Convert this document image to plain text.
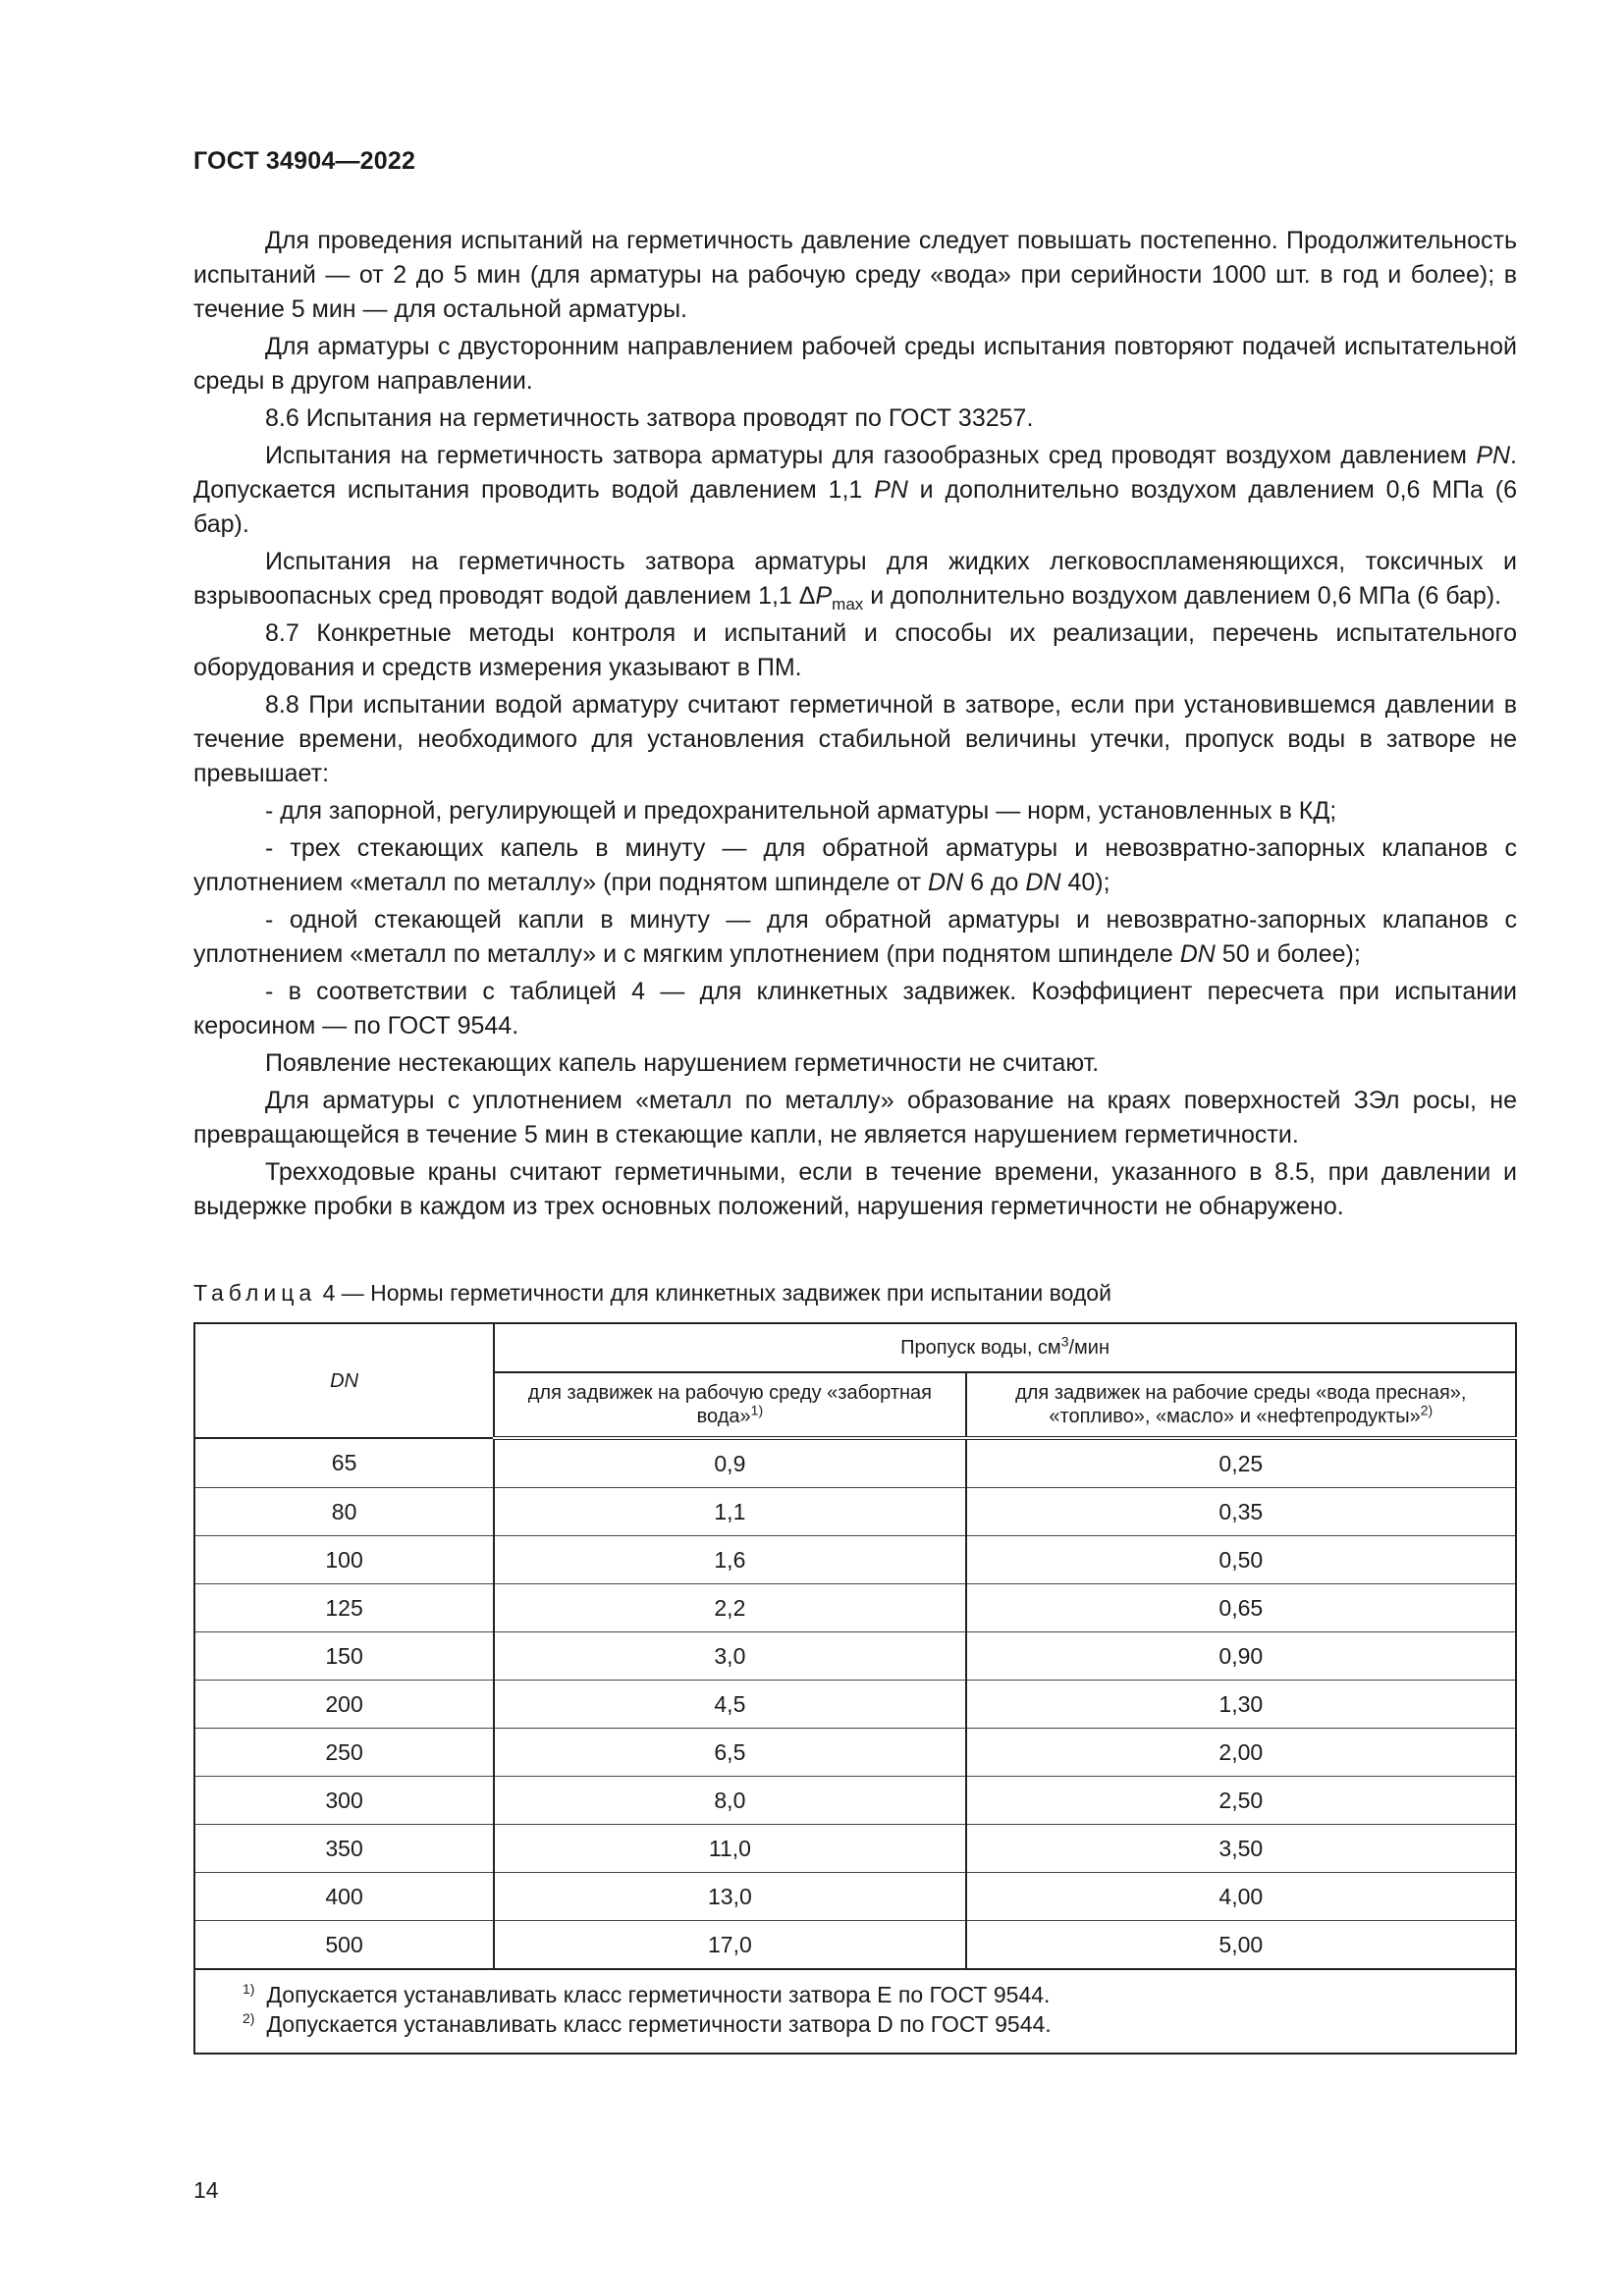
ГОСТ 34904—2022

Для проведения испытаний на герметичность давление следует повышать постепенно. Продолжительность испытаний — от 2 до 5 мин (для арматуры на рабочую среду «вода» при серийности 1000 шт. в год и более); в течение 5 мин — для остальной арматуры.

Для арматуры с двусторонним направлением рабочей среды испытания повторяют подачей испытательной среды в другом направлении.

8.6 Испытания на герметичность затвора проводят по ГОСТ 33257.

Испытания на герметичность затвора арматуры для газообразных сред проводят воздухом давлением PN. Допускается испытания проводить водой давлением 1,1 PN и дополнительно воздухом давлением 0,6 МПа (6 бар).

Испытания на герметичность затвора арматуры для жидких легковоспламеняющихся, токсичных и взрывоопасных сред проводят водой давлением 1,1 $\Delta P_{max}$ и дополнительно воздухом давлением 0,6 МПа (6 бар).

8.7 Конкретные методы контроля и испытаний и способы их реализации, перечень испытательного оборудования и средств измерения указывают в ПМ.

8.8 При испытании водой арматуру считают герметичной в затворе, если при установившемся давлении в течение времени, необходимого для установления стабильной величины утечки, пропуск воды в затворе не превышает:

- для запорной, регулирующей и предохранительной арматуры — норм, установленных в КД;

- трех стекающих капель в минуту — для обратной арматуры и невозвратно-запорных клапанов с уплотнением «металл по металлу» (при поднятом шпинделе от DN 6 до DN 40);

- одной стекающей капли в минуту — для обратной арматуры и невозвратно-запорных клапанов с уплотнением «металл по металлу» и с мягким уплотнением (при поднятом шпинделе DN 50 и более);

- в соответствии с таблицей 4 — для клинкетных задвижек. Коэффициент пересчета при испытании керосином — по ГОСТ 9544.

Появление нестекающих капель нарушением герметичности не считают.

Для арматуры с уплотнением «металл по металлу» образование на краях поверхностей ЗЭл росы, не превращающейся в течение 5 мин в стекающие капли, не является нарушением герметичности.

Трехходовые краны считают герметичными, если в течение времени, указанного в 8.5, при давлении и выдержке пробки в каждом из трех основных положений, нарушения герметичности не обнаружено.

Таблица 4 — Нормы герметичности для клинкетных задвижек при испытании водой
DN	Пропуск воды, $см^3$/мин	
	для задвижек на рабочую среду «забортная вода»$^{1)}$	для задвижек на рабочие среды «вода пресная», «топливо», «масло» и «нефтепродукты»$^{2)}$
65	0,9	0,25
80	1,1	0,35
100	1,6	0,50
125	2,2	0,65
150	3,0	0,90
200	4,5	1,30
250	6,5	2,00
300	8,0	2,50
350	11,0	3,50
400	13,0	4,00
500	17,0	5,00

$^{1)}$ Допускается устанавливать класс герметичности затвора E по ГОСТ 9544.
$^{2)}$ Допускается устанавливать класс герметичности затвора D по ГОСТ 9544.		
14
